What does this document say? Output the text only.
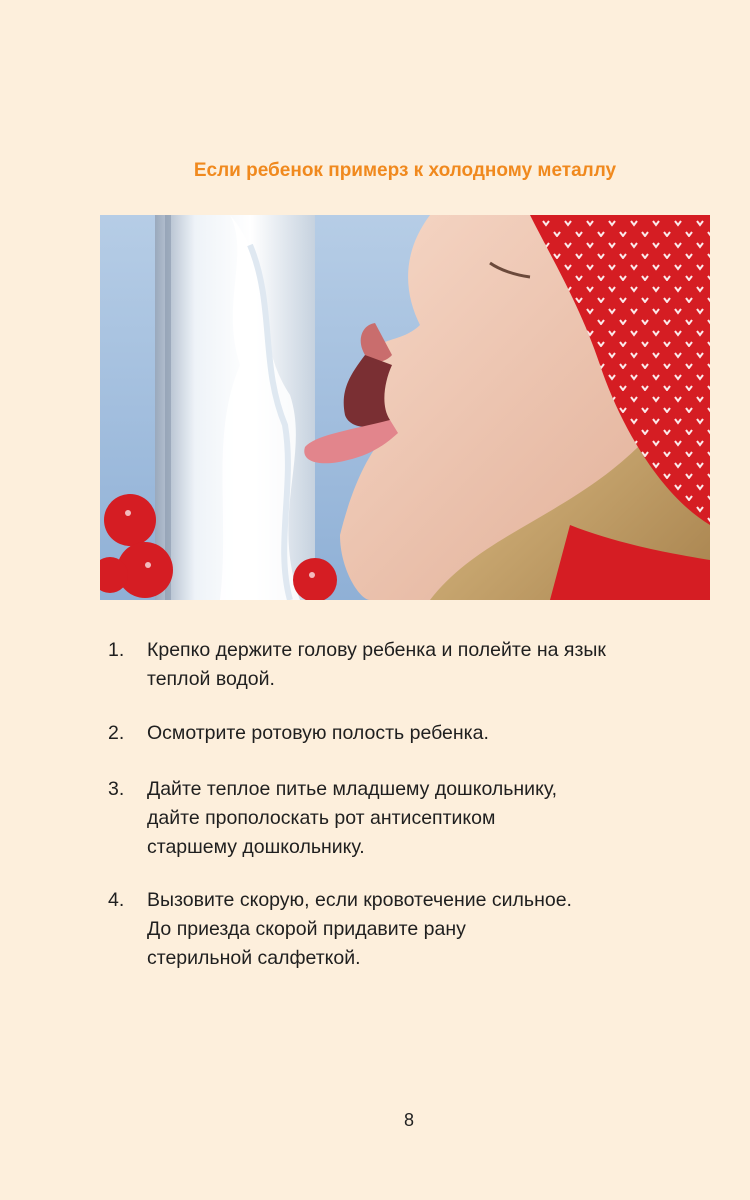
Если ребенок примерз к холодному металлу
1.	Крепко держите голову ребенка и полейте на язык
теплой водой.
2.	Осмотрите ротовую полость ребенка.
3.	Дайте теплое питье младшему дошкольнику,
дайте прополоскать рот антисептиком
старшему дошкольнику.
4.	Вызовите скорую, если кровотечение сильное.
До приезда скорой придавите рану
стерильной салфеткой.
8
